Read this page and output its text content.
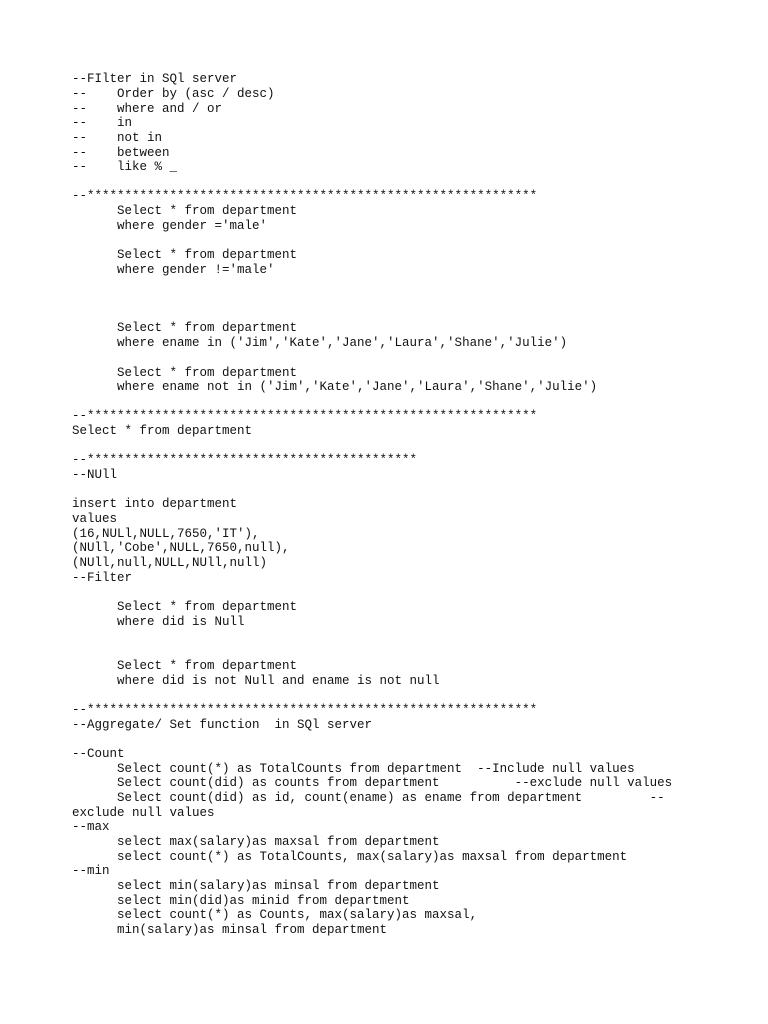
--FIlter in SQl server

--    Order by (asc / desc)

--    where and / or

--    in

--    not in

--    between

--    like % _

--************************************************************

Select * from department

where gender ='male'

Select * from department

where gender !='male'

Select * from department

where ename in ('Jim','Kate','Jane','Laura','Shane','Julie')

Select * from department

where ename not in ('Jim','Kate','Jane','Laura','Shane','Julie')

--************************************************************

Select * from department

--********************************************

--NUll

insert into department

values

(16,NULl,NULL,7650,'IT'),

(NUll,'Cobe',NULL,7650,null),

(NUll,null,NULL,NUll,null)

--Filter

Select * from department

where did is Null

Select * from department

where did is not Null and ename is not null

--************************************************************

--Aggregate/ Set function  in SQl server

--Count

Select count(*) as TotalCounts from department  --Include null values

Select count(did) as counts from department          --exclude null values

Select count(did) as id, count(ename) as ename from department         --

exclude null values

--max

select max(salary)as maxsal from department

select count(*) as TotalCounts, max(salary)as maxsal from department

--min

select min(salary)as minsal from department

select min(did)as minid from department

select count(*) as Counts, max(salary)as maxsal,

min(salary)as minsal from department
